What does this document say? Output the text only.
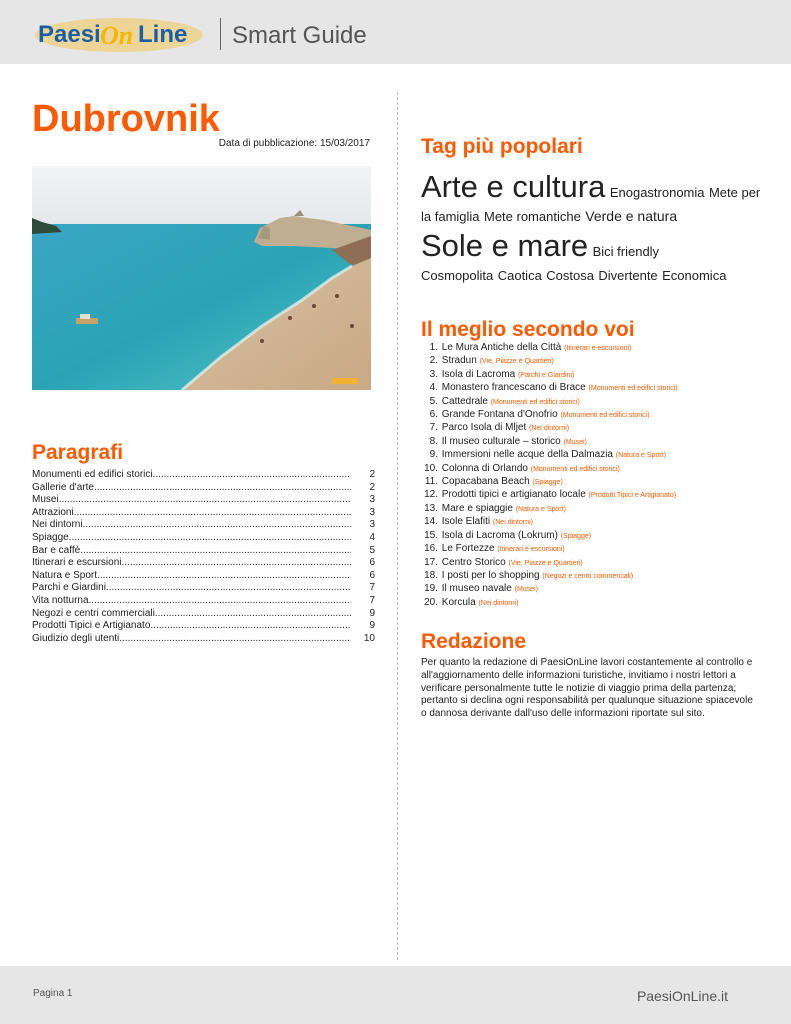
Paesi On Line Smart Guide
Dubrovnik
Data di pubblicazione: 15/03/2017
Paragrafi
Monumenti ed edifici storici .....	2
Gallerie d'arte .....	2
Musei .....	3
Attrazioni .....	3
Nei dintorni .....	3
Spiagge .....	4
Bar e caffè .....	5
Itinerari e escursioni .....	6
Natura e Sport .....	6
Parchi e Giardini .....	7
Vita notturna .....	7
Negozi e centri commerciali .....	9
Prodotti Tipici e Artigianato .....	9
Giudizio degli utenti .....	10
Tag più popolari
Arte e cultura Enogastronomia Mete per
la famiglia Mete romantiche Verde e natura
Sole e mare Bici friendly
Cosmopolita Caotica Costosa Divertente Economica
Il meglio secondo voi
1. Le Mura Antiche della Città (Itinerari e escursioni)
2. Stradun (Vie, Piazze e Quartieri)
3. Isola di Lacroma (Parchi e Giardini)
4. Monastero francescano di Brace (Monumenti ed edifici storici)
5. Cattedrale (Monumenti ed edifici storici)
6. Grande Fontana d'Onofrio (Monumenti ed edifici storici)
7. Parco Isola di Mljet (Nei dintorni)
8. Il museo culturale – storico (Musei)
9. Immersioni nelle acque della Dalmazia (Natura e Sport)
10. Colonna di Orlando (Monumenti ed edifici storici)
11. Copacabana Beach (Spiagge)
12. Prodotti tipici e artigianato locale (Prodotti Tipici e Artigianato)
13. Mare e spiaggie (Natura e Sport)
14. Isole Elafiti (Nei dintorni)
15. Isola di Lacroma (Lokrum) (Spiagge)
16. Le Fortezze (Itinerari e escursioni)
17. Centro Storico (Vie, Piazze e Quartieri)
18. I posti per lo shopping (Negozi e centri commerciali)
19. Il museo navale (Musei)
20. Korcula (Nei dintorni)
Redazione
Per quanto la redazione di PaesiOnLine lavori costantemente al controllo e all'aggiornamento delle informazioni turistiche, invitiamo i nostri lettori a verificare personalmente tutte le notizie di viaggio prima della partenza; pertanto si declina ogni responsabilità per qualunque situazione spiacevole o dannosa derivante dall'uso delle informazioni riportate sul sito.
Pagina 1	PaesiOnLine.it
